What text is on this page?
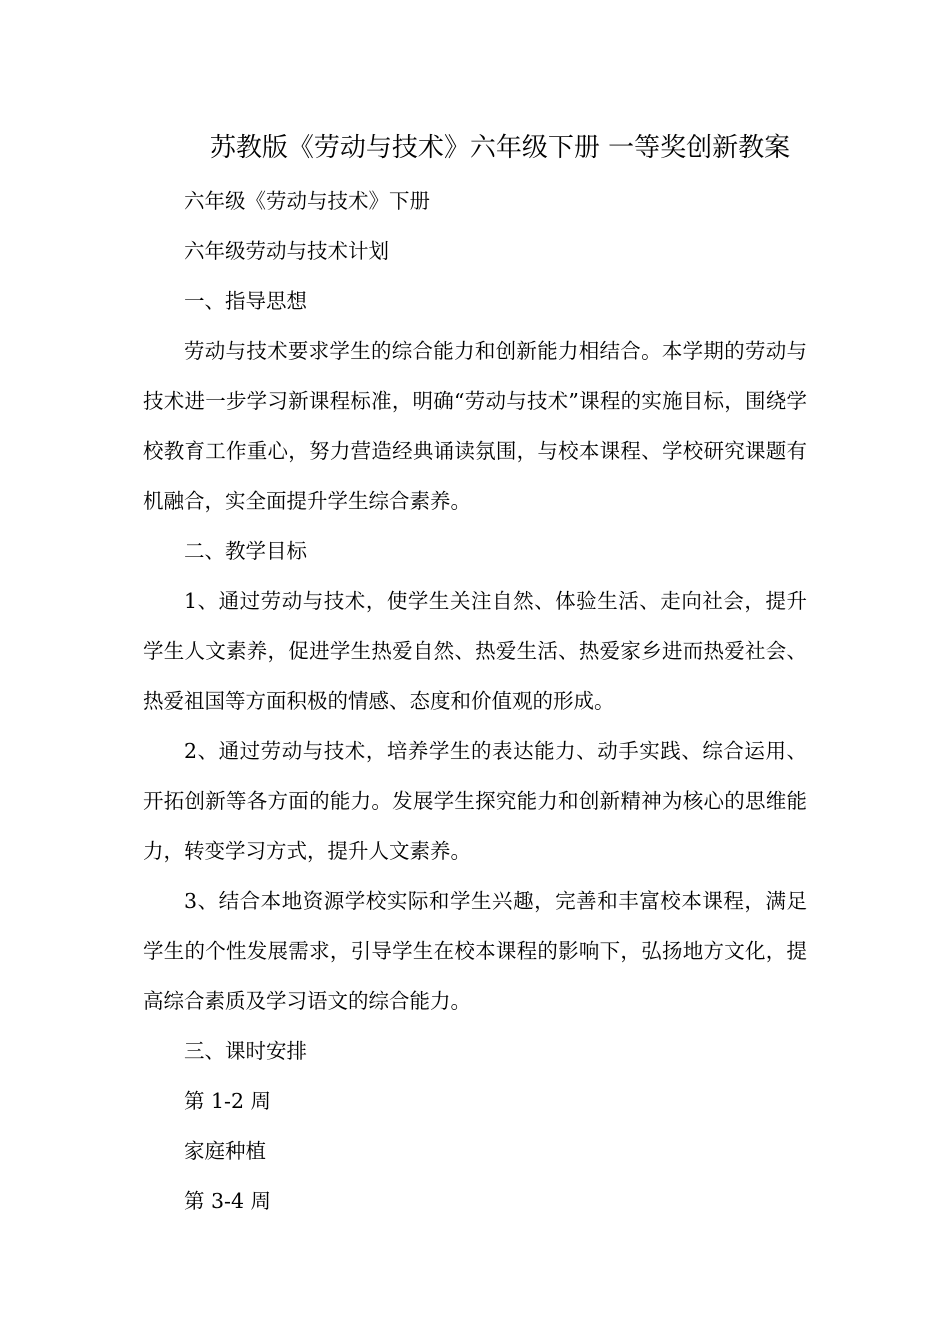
苏教版《劳动与技术》六年级下册 一等奖创新教案
六年级《劳动与技术》下册
六年级劳动与技术计划
一、指导思想
劳动与技术要求学生的综合能力和创新能力相结合。本学期的劳动与技术进一步学习新课程标准，明确“劳动与技术”课程的实施目标，围绕学校教育工作重心，努力营造经典诵读氛围，与校本课程、学校研究课题有机融合，实全面提升学生综合素养。
二、教学目标
1、通过劳动与技术，使学生关注自然、体验生活、走向社会，提升学生人文素养，促进学生热爱自然、热爱生活、热爱家乡进而热爱社会、热爱祖国等方面积极的情感、态度和价值观的形成。
2、通过劳动与技术，培养学生的表达能力、动手实践、综合运用、开拓创新等各方面的能力。发展学生探究能力和创新精神为核心的思维能力，转变学习方式，提升人文素养。
3、结合本地资源学校实际和学生兴趣，完善和丰富校本课程，满足学生的个性发展需求，引导学生在校本课程的影响下，弘扬地方文化，提高综合素质及学习语文的综合能力。
三、课时安排
第 1-2 周
家庭种植
第 3-4 周
